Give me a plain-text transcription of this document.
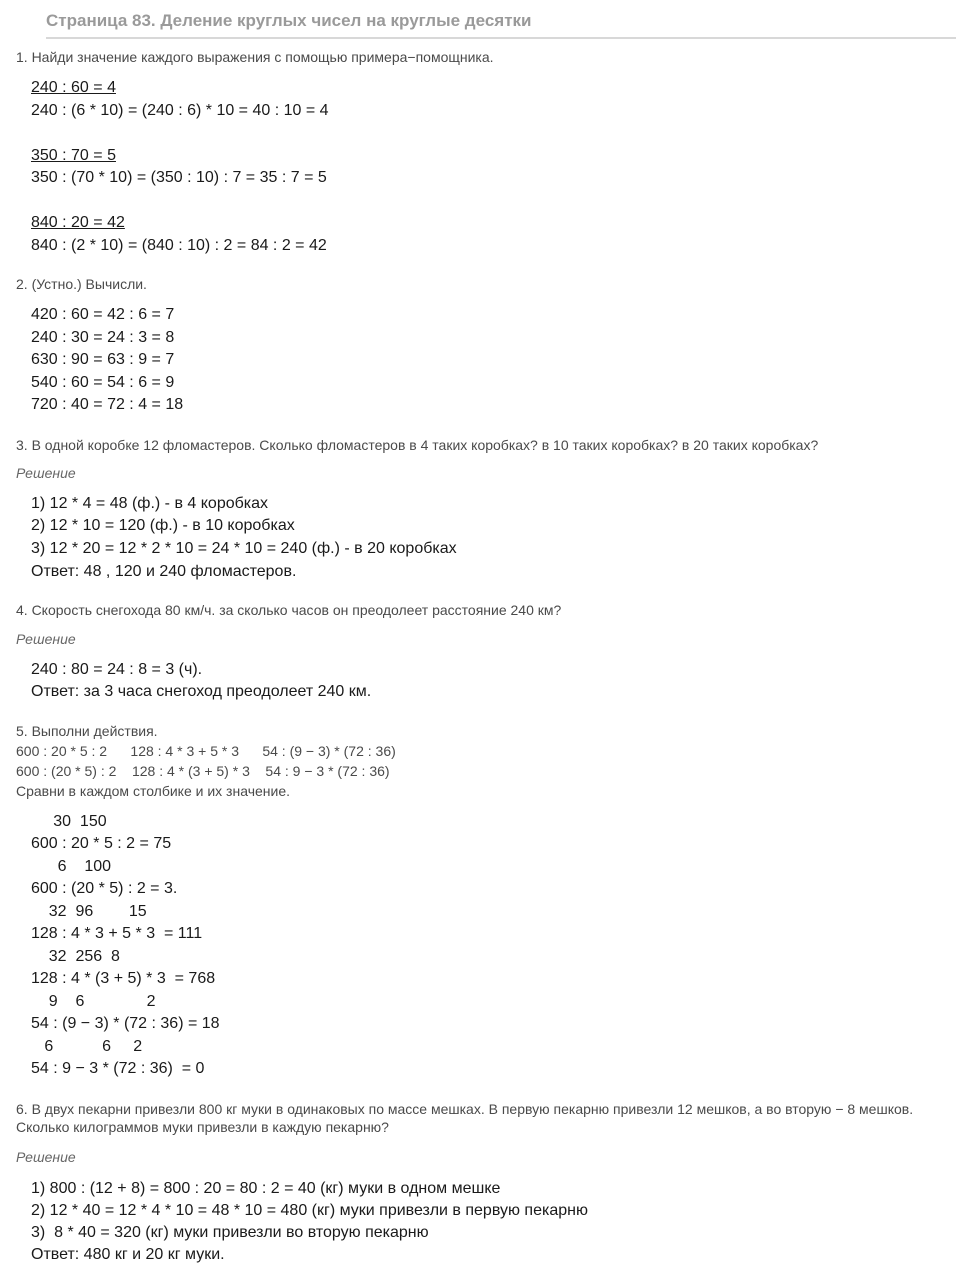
Страница 83. Деление круглых чисел на круглые десятки
1. Найди значение каждого выражения с помощью примера−помощника.
240 : 60 = 4
240 : (6 * 10) = (240 : 6) * 10 = 40 : 10 = 4
350 : 70 = 5
350 : (70 * 10) = (350 : 10) : 7 = 35 : 7 = 5
840 : 20 = 42
840 : (2 * 10) = (840 : 10) : 2 = 84 : 2 = 42
2. (Устно.) Вычисли.
420 : 60 = 42 : 6 = 7
240 : 30 = 24 : 3 = 8
630 : 90 = 63 : 9 = 7
540 : 60 = 54 : 6 = 9
720 : 40 = 72 : 4 = 18
3. В одной коробке 12 фломастеров. Сколько фломастеров в 4 таких коробках? в 10 таких коробках? в 20 таких коробках?
Решение
1) 12 * 4 = 48 (ф.) - в 4 коробках
2) 12 * 10 = 120 (ф.) - в 10 коробках
3) 12 * 20 = 12 * 2 * 10 = 24 * 10 = 240 (ф.) - в 20 коробках
Ответ: 48 , 120 и 240 фломастеров.
4. Скорость снегохода 80 км/ч. за сколько часов он преодолеет расстояние 240 км?
Решение
240 : 80 = 24 : 8 = 3 (ч).
Ответ: за 3 часа снегоход преодолеет 240 км.
5. Выполни действия.
600 : 20 * 5 : 2      128 : 4 * 3 + 5 * 3      54 : (9 − 3) * (72 : 36)
600 : (20 * 5) : 2    128 : 4 * (3 + 5) * 3    54 : 9 − 3 * (72 : 36)
Сравни в каждом столбике и их значение.
30  150
600 : 20 * 5 : 2 = 75
6    100
600 : (20 * 5) : 2 = 3.
32  96        15
128 : 4 * 3 + 5 * 3  = 111
32  256  8
128 : 4 * (3 + 5) * 3  = 768
9    6              2
54 : (9 − 3) * (72 : 36) = 18
6           6     2
54 : 9 − 3 * (72 : 36)  = 0
6. В двух пекарни привезли 800 кг муки в одинаковых по массе мешках. В первую пекарню привезли 12 мешков, а во вторую − 8 мешков. Сколько килограммов муки привезли в каждую пекарню?
Решение
1) 800 : (12 + 8) = 800 : 20 = 80 : 2 = 40 (кг) муки в одном мешке
2) 12 * 40 = 12 * 4 * 10 = 48 * 10 = 480 (кг) муки привезли в первую пекарню
3)  8 * 40 = 320 (кг) муки привезли во вторую пекарню
Ответ: 480 кг и 20 кг муки.
